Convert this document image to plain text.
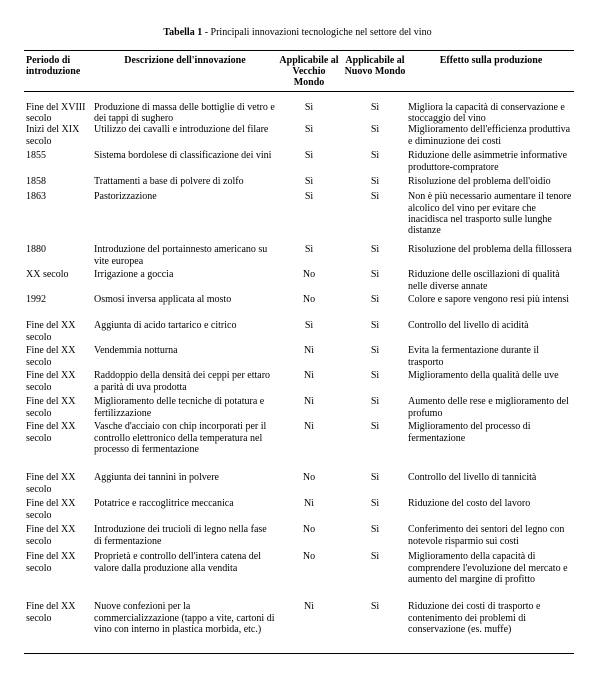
Tabella 1 - Principali innovazioni tecnologiche nel settore del vino
Periodo di introduzione	Descrizione dell'innovazione	Applicabile al Vecchio Mondo	Applicabile al Nuovo Mondo	Effetto sulla produzione
Fine del XVIII secolo	Produzione di massa delle bottiglie di vetro e dei tappi di sughero	Sì	Sì	Migliora la capacità di conservazione e stoccaggio del vino
Inizi del XIX secolo	Utilizzo dei cavalli e introduzione del filare	Sì	Sì	Miglioramento dell'efficienza produttiva e diminuzione dei costi
1855	Sistema bordolese di classificazione dei vini	Sì	Sì	Riduzione delle asimmetrie informative produttore-compratore
1858	Trattamenti a base di polvere di zolfo	Sì	Sì	Risoluzione del problema dell'oidio
1863	Pastorizzazione	Sì	Sì	Non è più necessario aumentare il tenore alcolico del vino per evitare che inacidisca nel trasporto sulle lunghe distanze
1880	Introduzione del portainnesto americano su vite europea	Sì	Sì	Risoluzione del problema della fillossera
XX secolo	Irrigazione a goccia	No	Sì	Riduzione delle oscillazioni di qualità nelle diverse annate
1992	Osmosi inversa applicata al mosto	No	Sì	Colore e sapore vengono resi più intensi
Fine del XX secolo	Aggiunta di acido tartarico e citrico	Sì	Sì	Controllo del livello di acidità
Fine del XX secolo	Vendemmia notturna	Nì	Sì	Evita la fermentazione durante il trasporto
Fine del XX secolo	Raddoppio della densità dei ceppi per ettaro a parità di uva prodotta	Nì	Sì	Miglioramento della qualità delle uve
Fine del XX secolo	Miglioramento delle tecniche di potatura e fertilizzazione	Nì	Sì	Aumento delle rese e miglioramento del profumo
Fine del XX secolo	Vasche d'acciaio con chip incorporati per il controllo elettronico della temperatura nel processo di fermentazione	Nì	Sì	Miglioramento del processo di fermentazione
Fine del XX secolo	Aggiunta dei tannini in polvere	No	Sì	Controllo del livello di tannicità
Fine del XX secolo	Potatrice e raccoglitrice meccanica	Nì	Sì	Riduzione del costo del lavoro
Fine del XX secolo	Introduzione dei trucioli di legno nella fase di fermentazione	No	Sì	Conferimento dei sentori del legno con notevole risparmio sui costi
Fine del XX secolo	Proprietà e controllo dell'intera catena del valore dalla produzione alla vendita	No	Sì	Miglioramento della capacità di comprendere l'evoluzione del mercato e aumento del margine di profitto
Fine del XX secolo	Nuove confezioni per la commercializzazione (tappo a vite, cartoni di vino con interno in plastica morbida, etc.)	Nì	Sì	Riduzione dei costi di trasporto e contenimento dei problemi di conservazione (es. muffe)
